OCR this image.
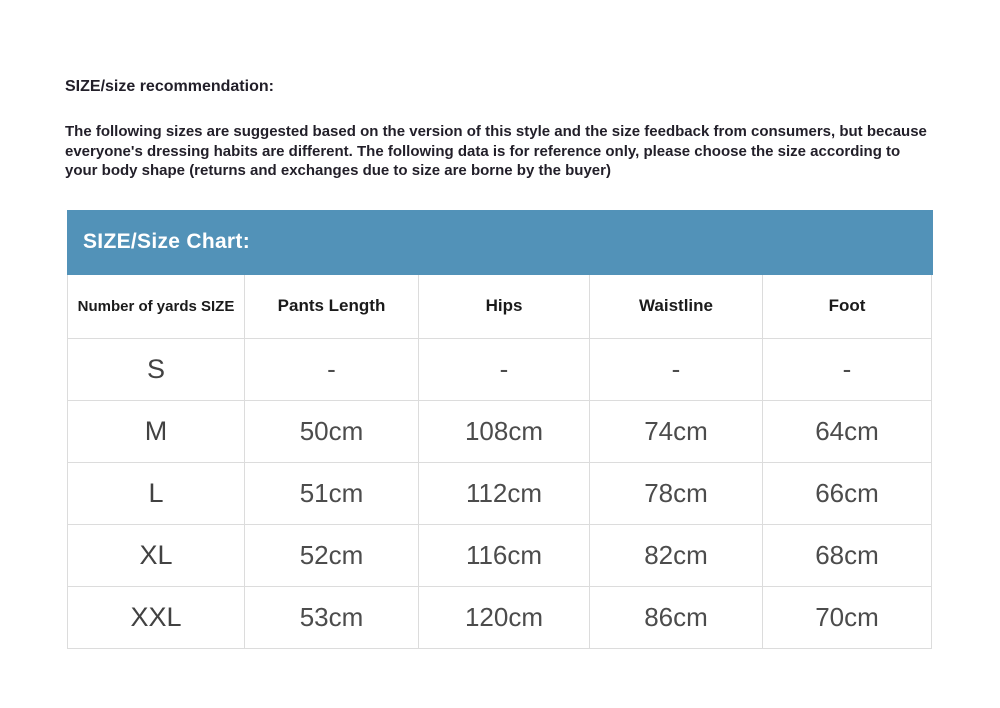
SIZE/size recommendation:

The following sizes are suggested based on the version of this style and the size feedback from consumers, but because everyone's dressing habits are different. The following data is for reference only, please choose the size according to your body shape (returns and exchanges due to size are borne by the buyer)

SIZE/Size Chart:
Number of yards SIZE	Pants Length	Hips	Waistline	Foot
S	-	-	-	-
M	50cm	108cm	74cm	64cm
L	51cm	112cm	78cm	66cm
XL	52cm	116cm	82cm	68cm
XXL	53cm	120cm	86cm	70cm
